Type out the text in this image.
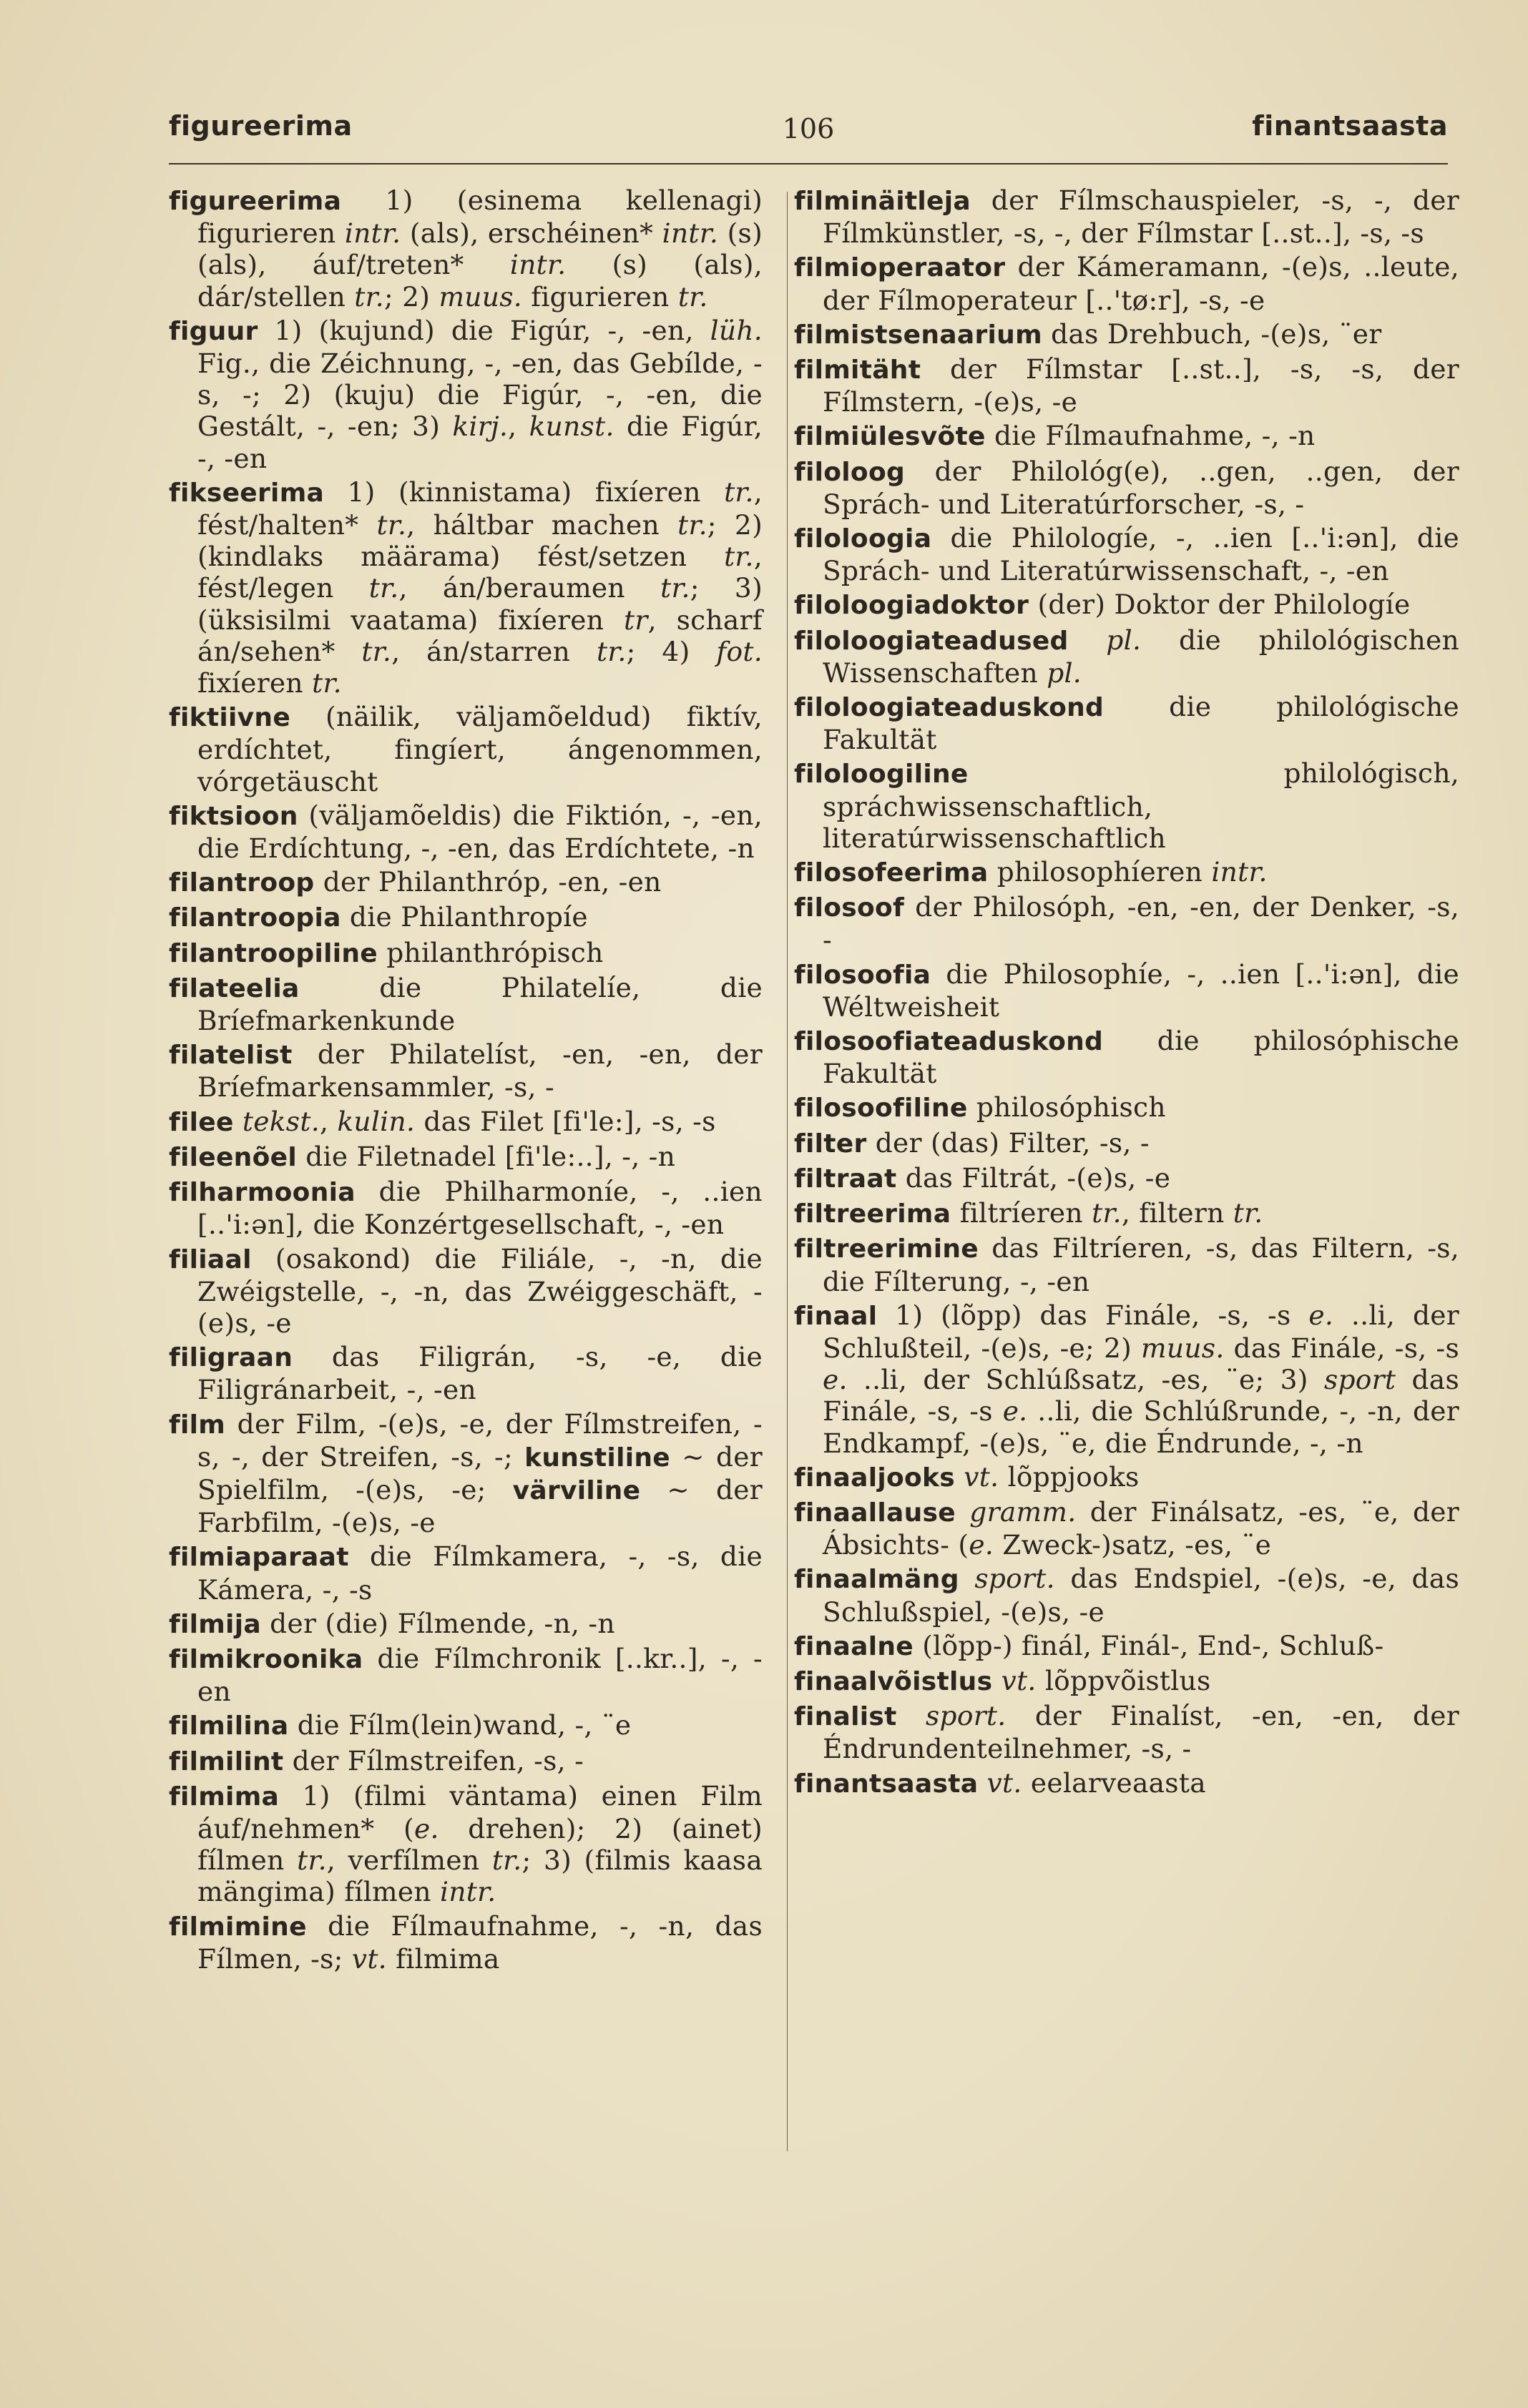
figureerima	106	finantsaasta

figureerima 1) (esinema kellenagi) figurieren intr. (als), erschéinen* intr. (s) (als), áuf/treten* intr. (s) (als), dár/stellen tr.; 2) muus. figurieren tr.

figuur 1) (kujund) die Figúr, -, -en, lüh. Fig., die Zéichnung, -, -en, das Gebílde, -s, -; 2) (kuju) die Figúr, -, -en, die Gestált, -, -en; 3) kirj., kunst. die Figúr, -, -en

fikseerima 1) (kinnistama) fixíeren tr., fést/halten* tr., háltbar machen tr.; 2) (kindlaks määrama) fést/setzen tr., fést/legen tr., án/beraumen tr.; 3) (üksisilmi vaatama) fixíeren tr, scharf án/sehen* tr., án/starren tr.; 4) fot. fixíeren tr.

fiktiivne (näilik, väljamõeldud) fiktív, erdíchtet, fingíert, ángenommen, vórgetäuscht

fiktsioon (väljamõeldis) die Fiktión, -, -en, die Erdíchtung, -, -en, das Erdíchtete, -n

filantroop der Philanthróp, -en, -en

filantroopia die Philanthropíe

filantroopiline philanthrópisch

filateelia die Philatelíe, die Bríefmarkenkunde

filatelist der Philatelíst, -en, -en, der Bríefmarkensammler, -s, -

filee tekst., kulin. das Filet [fi'le:], -s, -s

fileenõel die Filetnadel [fi'le:..], -, -n

filharmoonia die Philharmoníe, -, ..ien [..'i:ən], die Konzértgesellschaft, -, -en

filiaal (osakond) die Filiále, -, -n, die Zwéigstelle, -, -n, das Zwéiggeschäft, -(e)s, -e

filigraan das Filigrán, -s, -e, die Filigránarbeit, -, -en

film der Film, -(e)s, -e, der Fílmstreifen, -s, -, der Streifen, -s, -; kunstiline ~ der Spielfilm, -(e)s, -e; värviline ~ der Farbfilm, -(e)s, -e

filmiaparaat die Fílmkamera, -, -s, die Kámera, -, -s

filmija der (die) Fílmende, -n, -n

filmikroonika die Fílmchronik [..kr..], -, -en

filmilina die Fílm(lein)wand, -, ¨e

filmilint der Fílmstreifen, -s, -

filmima 1) (filmi väntama) einen Film áuf/nehmen* (e. drehen); 2) (ainet) fílmen tr., verfílmen tr.; 3) (filmis kaasa mängima) fílmen intr.

filmimine die Fílmaufnahme, -, -n, das Fílmen, -s; vt. filmima

filminäitleja der Fílmschauspieler, -s, -, der Fílmkünstler, -s, -, der Fílmstar [..st..], -s, -s

filmioperaator der Kámeramann, -(e)s, ..leute, der Fílmoperateur [..'tø:r], -s, -e

filmistsenaarium das Drehbuch, -(e)s, ¨er

filmitäht der Fílmstar [..st..], -s, -s, der Fílmstern, -(e)s, -e

filmiülesvõte die Fílmaufnahme, -, -n

filoloog der Philológ(e), ..gen, ..gen, der Sprách- und Literatúrforscher, -s, -

filoloogia die Philologíe, -, ..ien [..'i:ən], die Sprách- und Literatúrwissenschaft, -, -en

filoloogiadoktor (der) Doktor der Philologíe

filoloogiateadused pl. die philológischen Wissenschaften pl.

filoloogiateaduskond die philológische Fakultät

filoloogiline philológisch, spráchwissenschaftlich, literatúrwissenschaftlich

filosofeerima philosophíeren intr.

filosoof der Philosóph, -en, -en, der Denker, -s, -

filosoofia die Philosophíe, -, ..ien [..'i:ən], die Wéltweisheit

filosoofiateaduskond die philosóphische Fakultät

filosoofiline philosóphisch

filter der (das) Filter, -s, -

filtraat das Filtrát, -(e)s, -e

filtreerima filtríeren tr., filtern tr.

filtreerimine das Filtríeren, -s, das Filtern, -s, die Fílterung, -, -en

finaal 1) (lõpp) das Finále, -s, -s e. ..li, der Schlußteil, -(e)s, -e; 2) muus. das Finále, -s, -s e. ..li, der Schlúßsatz, -es, ¨e; 3) sport das Finále, -s, -s e. ..li, die Schlúßrunde, -, -n, der Endkampf, -(e)s, ¨e, die Éndrunde, -, -n

finaaljooks vt. lõppjooks

finaallause gramm. der Finálsatz, -es, ¨e, der Ábsichts- (e. Zweck-)satz, -es, ¨e

finaalmäng sport. das Endspiel, -(e)s, -e, das Schlußspiel, -(e)s, -e

finaalne (lõpp-) finál, Finál-, End-, Schluß-

finaalvõistlus vt. lõppvõistlus

finalist sport. der Finalíst, -en, -en, der Éndrundenteilnehmer, -s, -

finantsaasta vt. eelarveaasta
